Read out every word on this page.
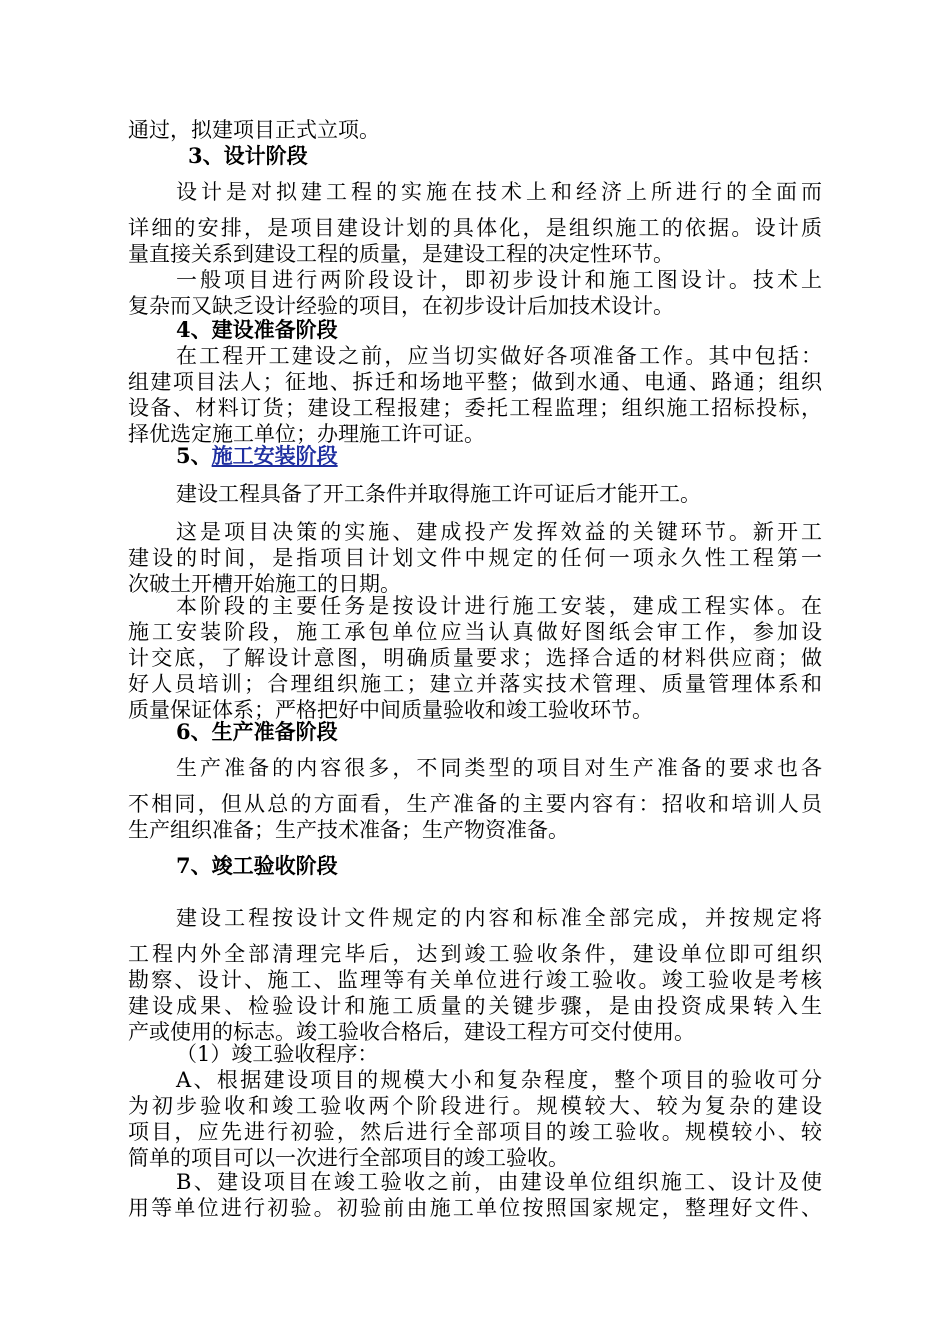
通过，拟建项目正式立项。
3、设计阶段
设计是对拟建工程的实施在技术上和经济上所进行的全面而
详细的安排，是项目建设计划的具体化，是组织施工的依据。设计质
量直接关系到建设工程的质量，是建设工程的决定性环节。
一般项目进行两阶段设计，即初步设计和施工图设计。技术上
复杂而又缺乏设计经验的项目，在初步设计后加技术设计。
4、建设准备阶段
在工程开工建设之前，应当切实做好各项准备工作。其中包括：
组建项目法人；征地、拆迁和场地平整；做到水通、电通、路通；组织
设备、材料订货；建设工程报建；委托工程监理；组织施工招标投标，
择优选定施工单位；办理施工许可证。
5、施工安装阶段
建设工程具备了开工条件并取得施工许可证后才能开工。
这是项目决策的实施、建成投产发挥效益的关键环节。新开工
建设的时间，是指项目计划文件中规定的任何一项永久性工程第一
次破土开槽开始施工的日期。
本阶段的主要任务是按设计进行施工安装，建成工程实体。在
施工安装阶段，施工承包单位应当认真做好图纸会审工作，参加设
计交底，了解设计意图，明确质量要求；选择合适的材料供应商；做
好人员培训；合理组织施工；建立并落实技术管理、质量管理体系和
质量保证体系；严格把好中间质量验收和竣工验收环节。
6、生产准备阶段
生产准备的内容很多，不同类型的项目对生产准备的要求也各
不相同，但从总的方面看，生产准备的主要内容有：招收和培训人员
生产组织准备；生产技术准备；生产物资准备。
7、竣工验收阶段
建设工程按设计文件规定的内容和标准全部完成，并按规定将
工程内外全部清理完毕后，达到竣工验收条件，建设单位即可组织
勘察、设计、施工、监理等有关单位进行竣工验收。竣工验收是考核
建设成果、检验设计和施工质量的关键步骤，是由投资成果转入生
产或使用的标志。竣工验收合格后，建设工程方可交付使用。
（1）竣工验收程序：
A、根据建设项目的规模大小和复杂程度，整个项目的验收可分
为初步验收和竣工验收两个阶段进行。规模较大、较为复杂的建设
项目，应先进行初验，然后进行全部项目的竣工验收。规模较小、较
简单的项目可以一次进行全部项目的竣工验收。
B、建设项目在竣工验收之前，由建设单位组织施工、设计及使
用等单位进行初验。初验前由施工单位按照国家规定，整理好文件、
